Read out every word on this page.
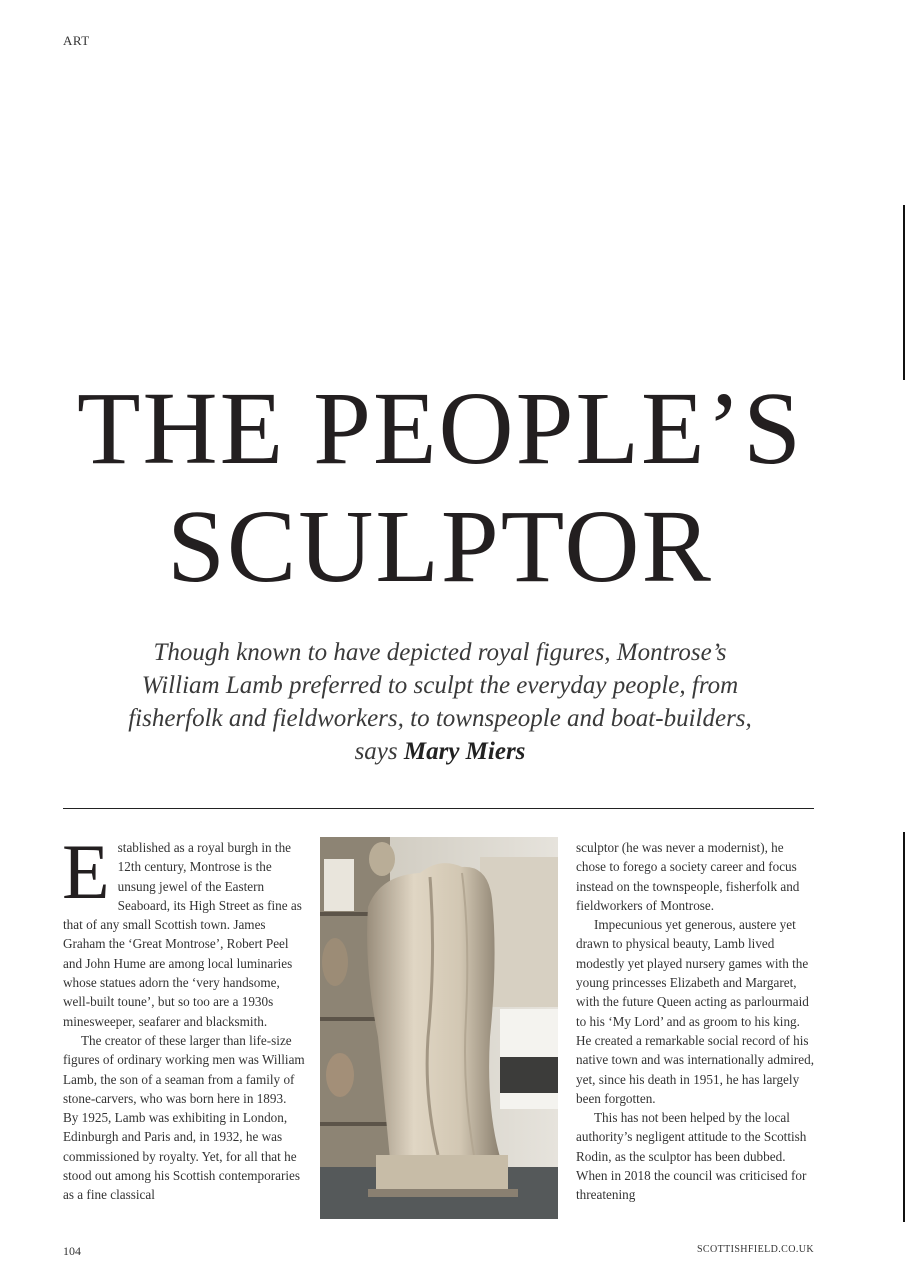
ART
THE PEOPLE’S
SCULPTOR
Though known to have depicted royal figures, Montrose’s William Lamb preferred to sculpt the everyday people, from fisherfolk and fieldworkers, to townspeople and boat-builders, says Mary Miers

Established as a royal burgh in the 12th century, Montrose is the unsung jewel of the Eastern Seaboard, its High Street as fine as that of any small Scottish town. James Graham the ‘Great Montrose’, Robert Peel and John Hume are among local luminaries whose statues adorn the ‘very handsome, well-built toune’, but so too are a 1930s minesweeper, seafarer and blacksmith.

The creator of these larger than life-size figures of ordinary working men was William Lamb, the son of a seaman from a family of stone-carvers, who was born here in 1893. By 1925, Lamb was exhibiting in London, Edinburgh and Paris and, in 1932, he was commissioned by royalty. Yet, for all that he stood out among his Scottish contemporaries as a fine classical

sculptor (he was never a modernist), he chose to forego a society career and focus instead on the townspeople, fisherfolk and fieldworkers of Montrose.

Impecunious yet generous, austere yet drawn to physical beauty, Lamb lived modestly yet played nursery games with the young princesses Elizabeth and Margaret, with the future Queen acting as parlourmaid to his ‘My Lord’ and as groom to his king. He created a remarkable social record of his native town and was internationally admired, yet, since his death in 1951, he has largely been forgotten.

This has not been helped by the local authority’s negligent attitude to the Scottish Rodin, as the sculptor has been dubbed. When in 2018 the council was criticised for threatening

104	SCOTTISHFIELD.CO.UK
